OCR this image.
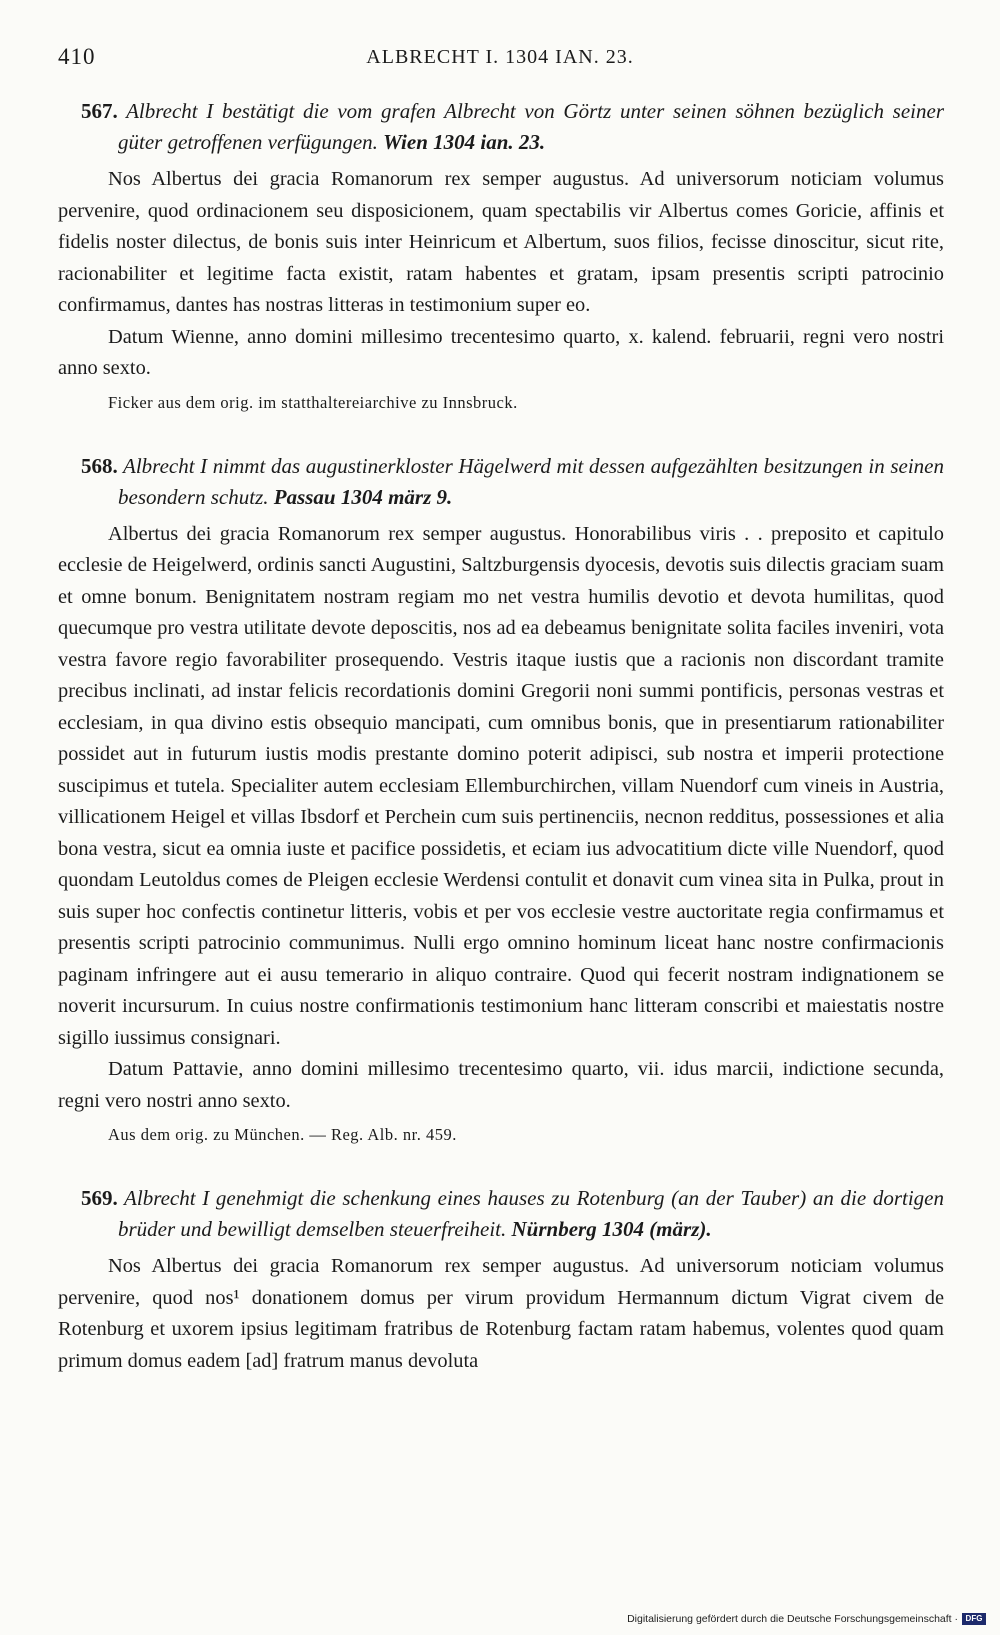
410	ALBRECHT I. 1304 IAN. 23.
567. Albrecht I bestätigt die vom grafen Albrecht von Görtz unter seinen söhnen bezüglich seiner güter getroffenen verfügungen. Wien 1304 ian. 23.

Nos Albertus dei gracia Romanorum rex semper augustus. Ad universorum noticiam volumus pervenire, quod ordinacionem seu disposicionem, quam spectabilis vir Albertus comes Goricie, affinis et fidelis noster dilectus, de bonis suis inter Heinricum et Albertum, suos filios, fecisse dinoscitur, sicut rite, racionabiliter et legitime facta existit, ratam habentes et gratam, ipsam presentis scripti patrocinio confirmamus, dantes has nostras litteras in testimonium super eo.

Datum Wienne, anno domini millesimo trecentesimo quarto, x. kalend. februarii, regni vero nostri anno sexto.

Ficker aus dem orig. im statthaltereiarchive zu Innsbruck.

568. Albrecht I nimmt das augustinerkloster Hägelwerd mit dessen aufgezählten besitzungen in seinen besondern schutz. Passau 1304 märz 9.

Albertus dei gracia Romanorum rex semper augustus. Honorabilibus viris . . preposito et capitulo ecclesie de Heigelwerd, ordinis sancti Augustini, Saltzburgensis dyocesis, devotis suis dilectis graciam suam et omne bonum. Benignitatem nostram regiam mo net vestra humilis devotio et devota humilitas, quod quecumque pro vestra utilitate devote deposcitis, nos ad ea debeamus benignitate solita faciles inveniri, vota vestra favore regio favorabiliter prosequendo. Vestris itaque iustis que a racionis non discordant tramite precibus inclinati, ad instar felicis recordationis domini Gregorii noni summi pontificis, personas vestras et ecclesiam, in qua divino estis obsequio mancipati, cum omnibus bonis, que in presentiarum rationabiliter possidet aut in futurum iustis modis prestante domino poterit adipisci, sub nostra et imperii protectione suscipimus et tutela. Specialiter autem ecclesiam Ellemburchirchen, villam Nuendorf cum vineis in Austria, villicationem Heigel et villas Ibsdorf et Perchein cum suis pertinenciis, necnon redditus, possessiones et alia bona vestra, sicut ea omnia iuste et pacifice possidetis, et eciam ius advocatitium dicte ville Nuendorf, quod quondam Leutoldus comes de Pleigen ecclesie Werdensi contulit et donavit cum vinea sita in Pulka, prout in suis super hoc confectis continetur litteris, vobis et per vos ecclesie vestre auctoritate regia confirmamus et presentis scripti patrocinio communimus. Nulli ergo omnino hominum liceat hanc nostre confirmacionis paginam infringere aut ei ausu temerario in aliquo contraire. Quod qui fecerit nostram indignationem se noverit incursurum. In cuius nostre confirmationis testimonium hanc litteram conscribi et maiestatis nostre sigillo iussimus consignari.

Datum Pattavie, anno domini millesimo trecentesimo quarto, vii. idus marcii, indictione secunda, regni vero nostri anno sexto.

Aus dem orig. zu München. — Reg. Alb. nr. 459.

569. Albrecht I genehmigt die schenkung eines hauses zu Rotenburg (an der Tauber) an die dortigen brüder und bewilligt demselben steuerfreiheit. Nürnberg 1304 (märz).

Nos Albertus dei gracia Romanorum rex semper augustus. Ad universorum noticiam volumus pervenire, quod nos¹ donationem domus per virum providum Hermannum dictum Vigrat civem de Rotenburg et uxorem ipsius legitimam fratribus de Rotenburg factam ratam habemus, volentes quod quam primum domus eadem [ad] fratrum manus devoluta

Digitalisierung gefördert durch die Deutsche Forschungsgemeinschaft · DFG
